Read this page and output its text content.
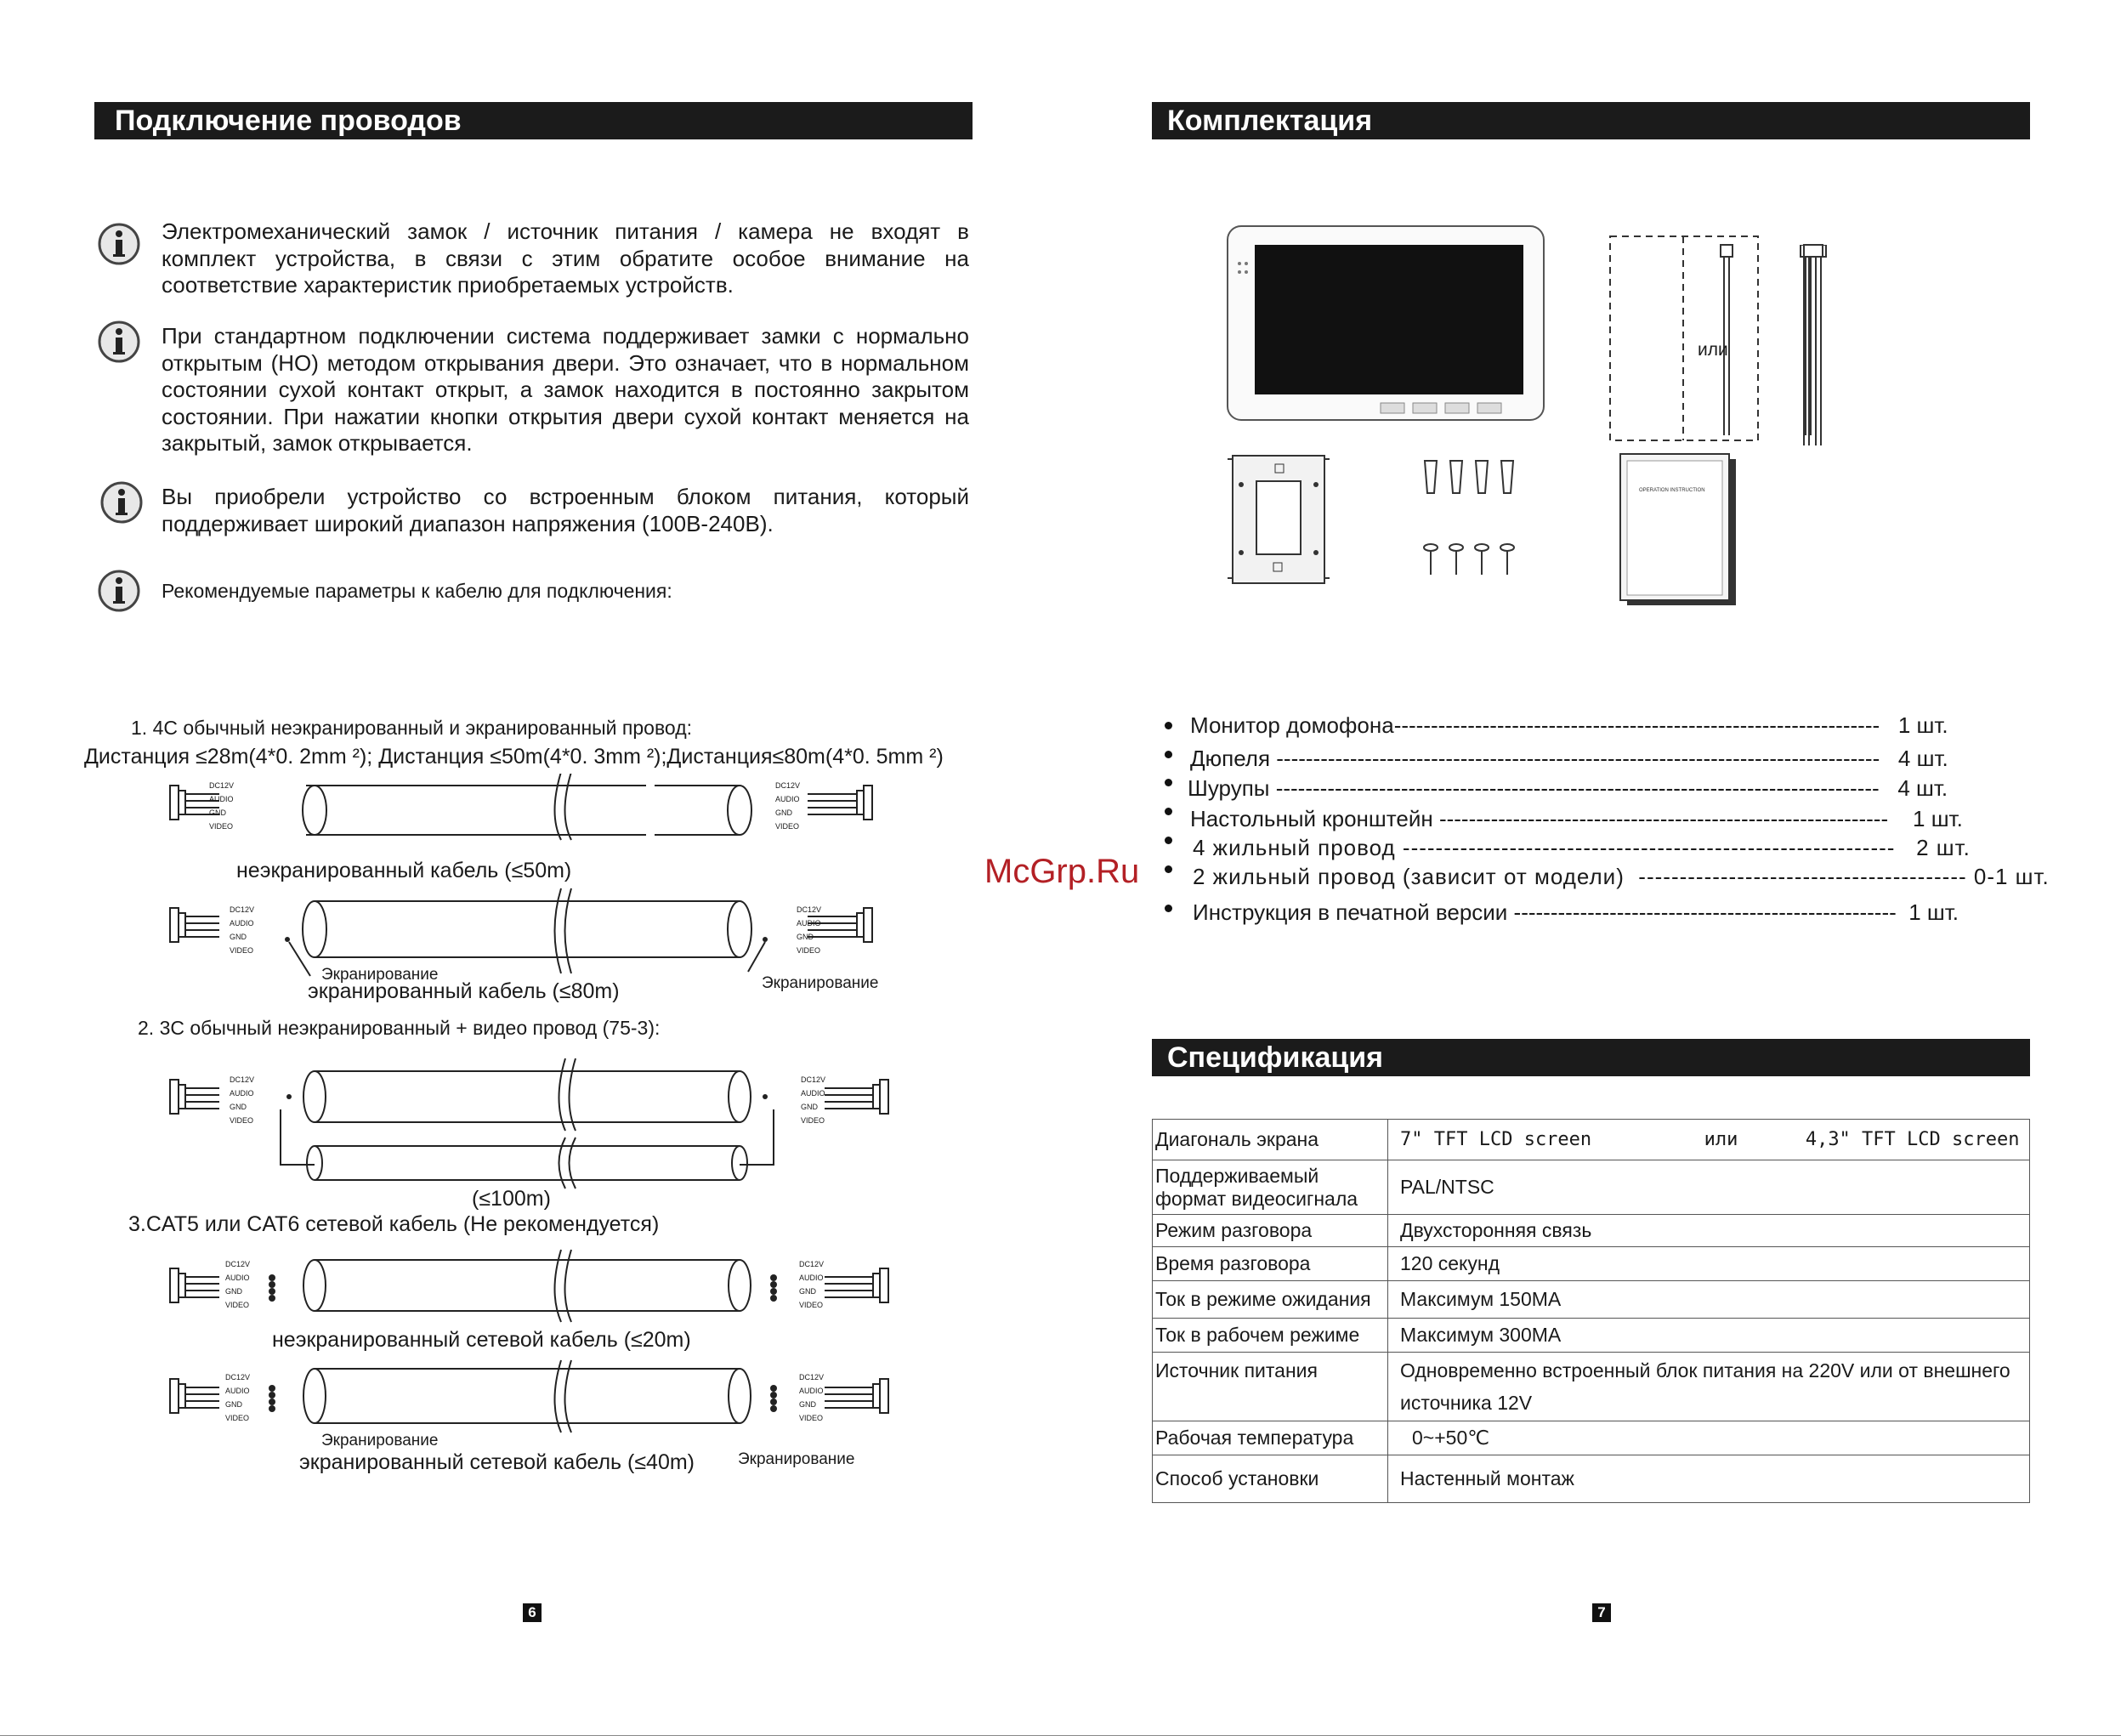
Подключение проводов
Электромеханический замок / источник питания / камера не входят в комплект устройства, в связи с этим обратите особое внимание на соответствие характеристик приобретаемых устройств.
При стандартном подключении система поддерживает замки с нормально открытым (НО) методом открывания двери. Это означает, что в нормальном состоянии сухой контакт открыт, а замок находится в постоянно закрытом состоянии. При нажатии кнопки открытия двери сухой контакт меняется на закрытый, замок открывается.
Вы приобрели устройство со встроенным блоком питания, который поддерживает широкий диапазон напряжения (100В-240В).
Рекомендуемые параметры к кабелю для подключения:
1. 4С обычный неэкранированный и экранированный провод:
Дистанция ≤28m(4*0. 2mm ²); Дистанция ≤50m(4*0. 3mm ²);Дистанция≤80m(4*0. 5mm ²)
DC12V
AUDIO
GND
VIDEO
DC12V
AUDIO
GND
VIDEO
DC12V
AUDIO
GND
VIDEO
DC12V
AUDIO
GND
VIDEO
DC12V
AUDIO
GND
VIDEO
DC12V
AUDIO
GND
VIDEO
DC12V
AUDIO
GND
VIDEO
DC12V
AUDIO
GND
VIDEO
DC12V
AUDIO
GND
VIDEO
DC12V
AUDIO
GND
VIDEO
неэкранированный кабель (≤50m)
Экранирование
экранированный кабель (≤80m)	Экранирование
2. 3С обычный неэкранированный + видео провод (75-3):
(≤100m)
3.CAT5 или CAT6 сетевой кабель (Не рекомендуется)
неэкранированный сетевой кабель (≤20m)
Экранирование
экранированный сетевой кабель (≤40m)	Экранирование
6
Комплектация
или
OPERATION INSTRUCTION
Монитор домофона------------------------------------------------------------------   1 шт.
Дюпеля ----------------------------------------------------------------------------------   4 шт.
Шурупы ----------------------------------------------------------------------------------   4 шт.
Настольный кронштейн -------------------------------------------------------------    1 шт.
4 жильный провод ------------------------------------------------------------   2 шт.
2 жильный провод (зависит от модели)  ---------------------------------------- 0-1 шт.
Инструкция в печатной версии ----------------------------------------------------  1 шт.
McGrp.Ru
Спецификация
Диагональ экрана	7" TFT LCD screen          или      4,3" TFT LCD screen
Поддерживаемый формат видеосигнала	PAL/NTSC
Режим разговора	Двухсторонняя связь
Время разговора	120 секунд
Ток в режиме ожидания	Максимум 150МА
Ток в рабочем режиме	Максимум 300МА
Источник питания	Одновременно встроенный блок питания на 220V или от внешнего источника 12V
Рабочая температура	0~+50℃
Способ установки	Настенный монтаж
7
